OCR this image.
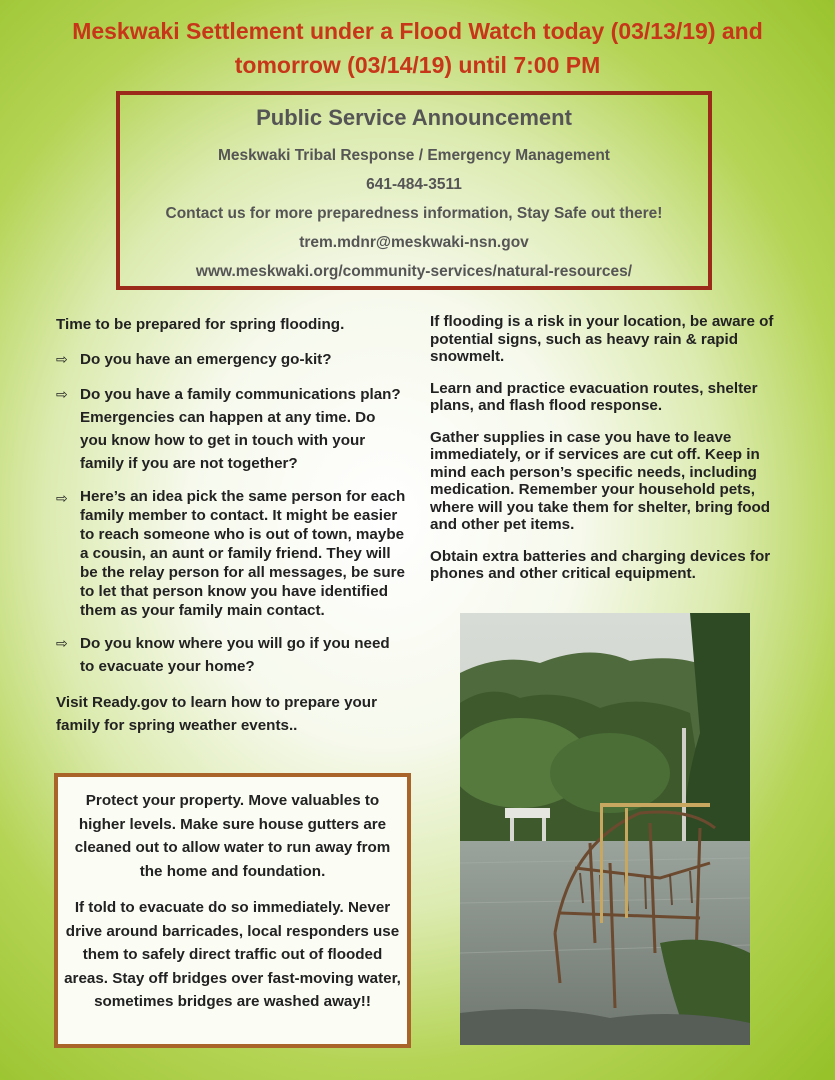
Meskwaki Settlement under a Flood Watch today (03/13/19) and
tomorrow (03/14/19) until 7:00 PM
Public Service Announcement
Meskwaki Tribal Response / Emergency Management
641-484-3511
Contact us for more preparedness information, Stay Safe out there!
trem.mdnr@meskwaki-nsn.gov
www.meskwaki.org/community-services/natural-resources/

Time to be prepared for spring flooding.

⇨ Do you have an emergency go-kit?
⇨ Do you have a family communications plan? Emergencies can happen at any time. Do you know how to get in touch with your family if you are not together?
⇨ Here’s an idea pick the same person for each family member to contact. It might be easier to reach someone who is out of town, maybe a cousin, an aunt or family friend. They will be the relay person for all messages, be sure to let that person know you have identified them as your family main contact.
⇨ Do you know where you will go if you need to evacuate your home?

Visit Ready.gov to learn how to prepare your family for spring weather events..

If flooding is a risk in your location, be aware of potential signs, such as heavy rain & rapid snowmelt.

Learn and practice evacuation routes, shelter plans, and flash flood response.

Gather supplies in case you have to leave immediately, or if services are cut off. Keep in mind each person’s specific needs, including medication. Remember your household pets, where will you take them for shelter, bring food and other pet items.

Obtain extra batteries and charging devices for phones and other critical equipment.

Protect your property. Move valuables to higher levels. Make sure house gutters are cleaned out to allow water to run away from the home and foundation.

If told to evacuate do so immediately. Never drive around barricades, local responders use them to safely direct traffic out of flooded areas. Stay off bridges over fast-moving water, sometimes bridges are washed away!!
